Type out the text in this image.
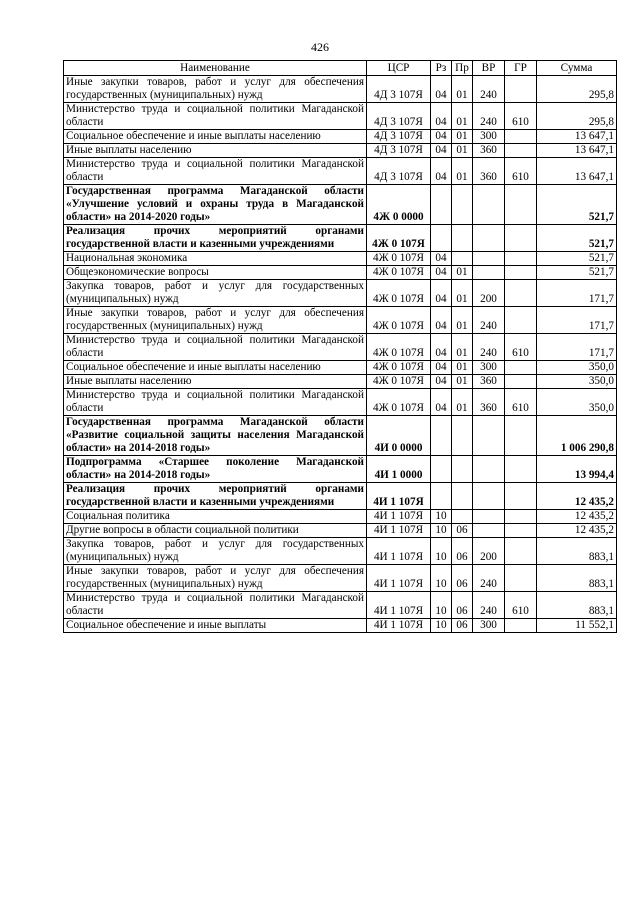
426
Наименование	ЦСР	Рз	Пр	ВР	ГР	Сумма
Иные закупки товаров, работ и услуг для обеспечения государственных (муниципальных) нужд	4Д 3 107Я	04	01	240		295,8
Министерство труда и социальной политики Магаданской области	4Д 3 107Я	04	01	240	610	295,8
Социальное обеспечение и иные выплаты населению	4Д 3 107Я	04	01	300		13 647,1
Иные выплаты населению	4Д 3 107Я	04	01	360		13 647,1
Министерство труда и социальной политики Магаданской области	4Д 3 107Я	04	01	360	610	13 647,1
Государственная программа Магаданской области «Улучшение условий и охраны труда в Магаданской области» на 2014-2020 годы»	4Ж 0 0000					521,7
Реализация прочих мероприятий органами государственной власти и казенными учреждениями	4Ж 0 107Я					521,7
Национальная экономика	4Ж 0 107Я	04				521,7
Общеэкономические вопросы	4Ж 0 107Я	04	01			521,7
Закупка товаров, работ и услуг для государственных (муниципальных) нужд	4Ж 0 107Я	04	01	200		171,7
Иные закупки товаров, работ и услуг для обеспечения государственных (муниципальных) нужд	4Ж 0 107Я	04	01	240		171,7
Министерство труда и социальной политики Магаданской области	4Ж 0 107Я	04	01	240	610	171,7
Социальное обеспечение и иные выплаты населению	4Ж 0 107Я	04	01	300		350,0
Иные выплаты населению	4Ж 0 107Я	04	01	360		350,0
Министерство труда и социальной политики Магаданской области	4Ж 0 107Я	04	01	360	610	350,0
Государственная программа Магаданской области «Развитие социальной защиты населения Магаданской области» на 2014-2018 годы»	4И 0 0000					1 006 290,8
Подпрограмма «Старшее поколение Магаданской области» на 2014-2018 годы»	4И 1 0000					13 994,4
Реализация прочих мероприятий органами государственной власти и казенными учреждениями	4И 1 107Я					12 435,2
Социальная политика	4И 1 107Я	10				12 435,2
Другие вопросы в области социальной политики	4И 1 107Я	10	06			12 435,2
Закупка товаров, работ и услуг для государственных (муниципальных) нужд	4И 1 107Я	10	06	200		883,1
Иные закупки товаров, работ и услуг для обеспечения государственных (муниципальных) нужд	4И 1 107Я	10	06	240		883,1
Министерство труда и социальной политики Магаданской области	4И 1 107Я	10	06	240	610	883,1
Социальное обеспечение и иные выплаты	4И 1 107Я	10	06	300		11 552,1
